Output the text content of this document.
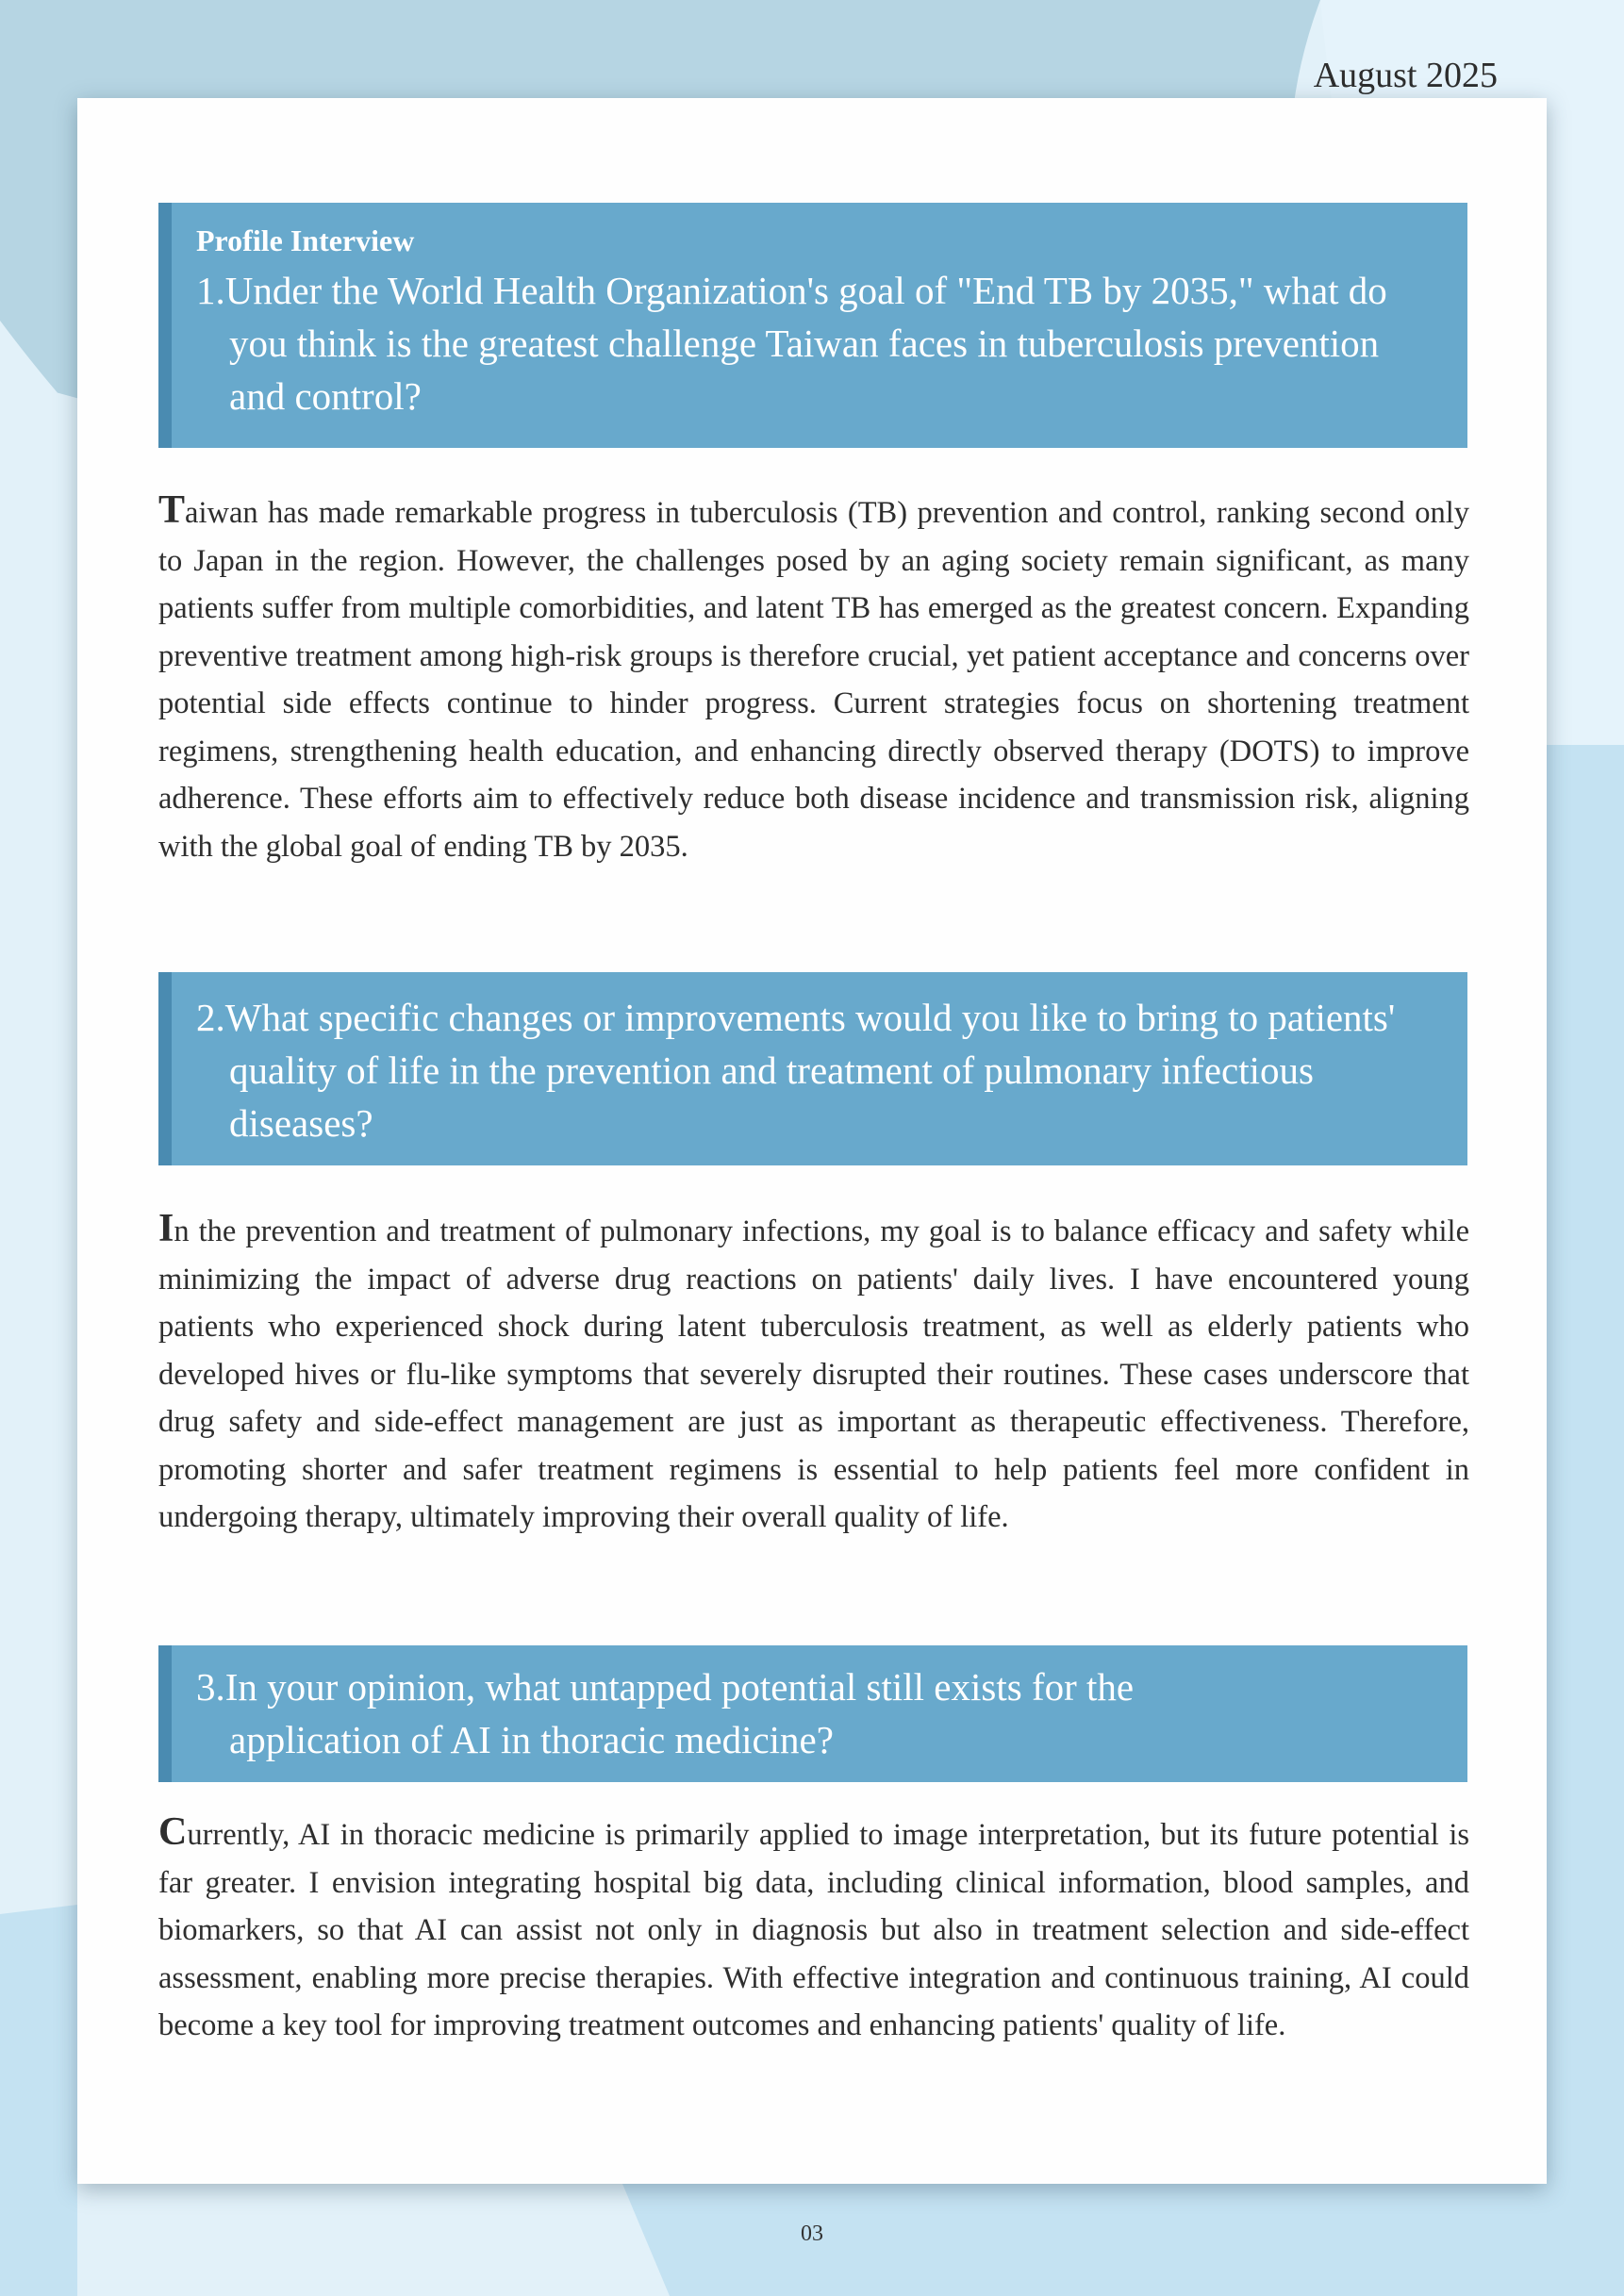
August 2025
Profile Interview
1.Under the World Health Organization's goal of "End TB by 2035," what do you think is the greatest challenge Taiwan faces in tuberculosis prevention and control?

Taiwan has made remarkable progress in tuberculosis (TB) prevention and control, ranking second only to Japan in the region. However, the challenges posed by an aging society remain significant, as many patients suffer from multiple comorbidities, and latent TB has emerged as the greatest concern. Expanding preventive treatment among high-risk groups is therefore crucial, yet patient acceptance and concerns over potential side effects continue to hinder progress. Current strategies focus on shortening treatment regimens, strengthening health education, and enhancing directly observed therapy (DOTS) to improve adherence. These efforts aim to effectively reduce both disease incidence and transmission risk, aligning with the global goal of ending TB by 2035.

2.What specific changes or improvements would you like to bring to patients' quality of life in the prevention and treatment of pulmonary infectious diseases?

In the prevention and treatment of pulmonary infections, my goal is to balance efficacy and safety while minimizing the impact of adverse drug reactions on patients' daily lives. I have encountered young patients who experienced shock during latent tuberculosis treatment, as well as elderly patients who developed hives or flu-like symptoms that severely disrupted their routines. These cases underscore that drug safety and side-effect management are just as important as therapeutic effectiveness. Therefore, promoting shorter and safer treatment regimens is essential to help patients feel more confident in undergoing therapy, ultimately improving their overall quality of life.

3.In your opinion, what untapped potential still exists for the application of AI in thoracic medicine?

Currently, AI in thoracic medicine is primarily applied to image interpretation, but its future potential is far greater. I envision integrating hospital big data, including clinical information, blood samples, and biomarkers, so that AI can assist not only in diagnosis but also in treatment selection and side-effect assessment, enabling more precise therapies. With effective integration and continuous training, AI could become a key tool for improving treatment outcomes and enhancing patients' quality of life.

03
